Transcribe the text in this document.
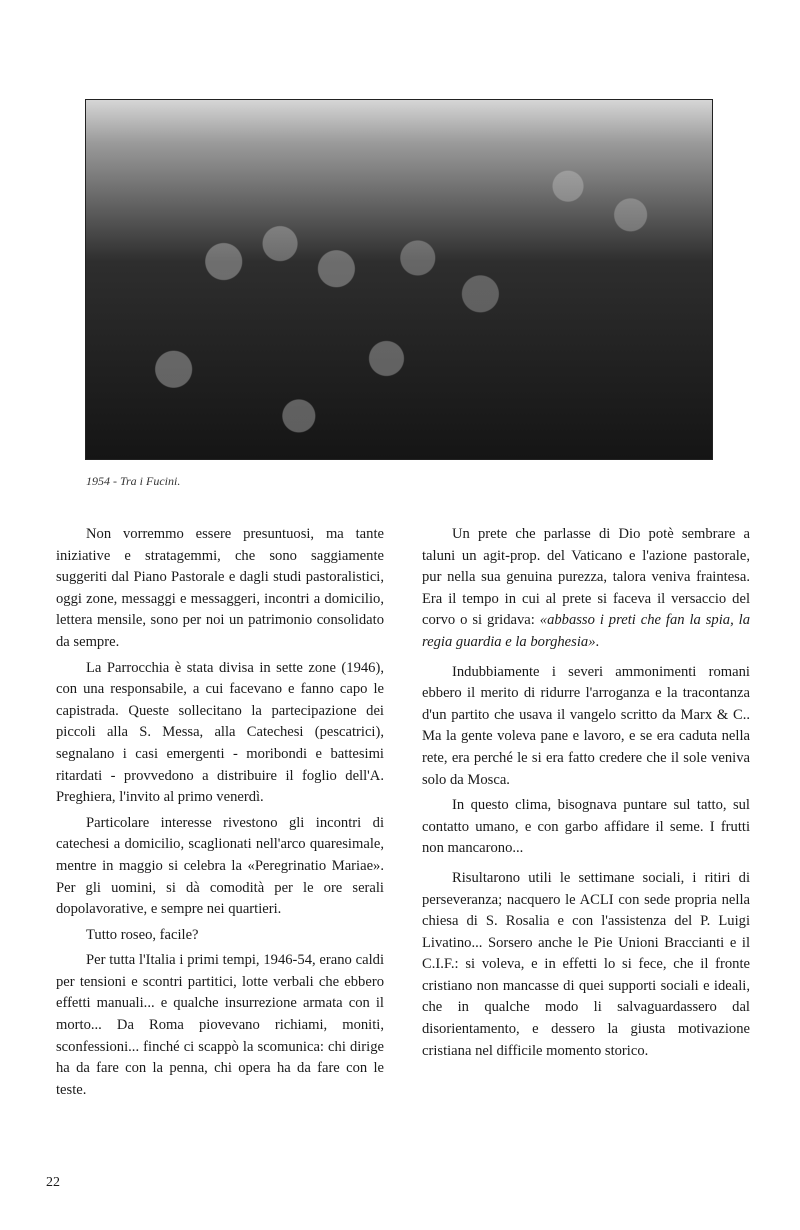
1954 - Tra i Fucini.

Non vorremmo essere presuntuosi, ma tante iniziative e stratagemmi, che sono saggiamente suggeriti dal Piano Pastorale e dagli studi pastoralistici, oggi zone, messaggi e messaggeri, incontri a domicilio, lettera mensile, sono per noi un patrimonio consolidato da sempre.

La Parrocchia è stata divisa in sette zone (1946), con una responsabile, a cui facevano e fanno capo le capistrada. Queste sollecitano la partecipazione dei piccoli alla S. Messa, alla Catechesi (pescatrici), segnalano i casi emergenti - moribondi e battesimi ritardati - provvedono a distribuire il foglio dell'A. Preghiera, l'invito al primo venerdì.

Particolare interesse rivestono gli incontri di catechesi a domicilio, scaglionati nell'arco quaresimale, mentre in maggio si celebra la «Peregrinatio Mariae». Per gli uomini, si dà comodità per le ore serali dopolavorative, e sempre nei quartieri.

Tutto roseo, facile?

Per tutta l'Italia i primi tempi, 1946-54, erano caldi per tensioni e scontri partitici, lotte verbali che ebbero effetti manuali... e qualche insurrezione armata con il morto... Da Roma piovevano richiami, moniti, sconfessioni... finché ci scappò la scomunica: chi dirige ha da fare con la penna, chi opera ha da fare con le teste.

Un prete che parlasse di Dio potè sembrare a taluni un agit-prop. del Vaticano e l'azione pastorale, pur nella sua genuina purezza, talora veniva fraintesa. Era il tempo in cui al prete si faceva il versaccio del corvo o si gridava: «abbasso i preti che fan la spia, la regia guardia e la borghesia».

Indubbiamente i severi ammonimenti romani ebbero il merito di ridurre l'arroganza e la tracontanza d'un partito che usava il vangelo scritto da Marx & C.. Ma la gente voleva pane e lavoro, e se era caduta nella rete, era perché le si era fatto credere che il sole veniva solo da Mosca.

In questo clima, bisognava puntare sul tatto, sul contatto umano, e con garbo affidare il seme. I frutti non mancarono...

Risultarono utili le settimane sociali, i ritiri di perseveranza; nacquero le ACLI con sede propria nella chiesa di S. Rosalia e con l'assistenza del P. Luigi Livatino... Sorsero anche le Pie Unioni Braccianti e il C.I.F.: si voleva, e in effetti lo si fece, che il fronte cristiano non mancasse di quei supporti sociali e ideali, che in qualche modo li salvaguardassero dal disorientamento, e dessero la giusta motivazione cristiana nel difficile momento storico.

22
